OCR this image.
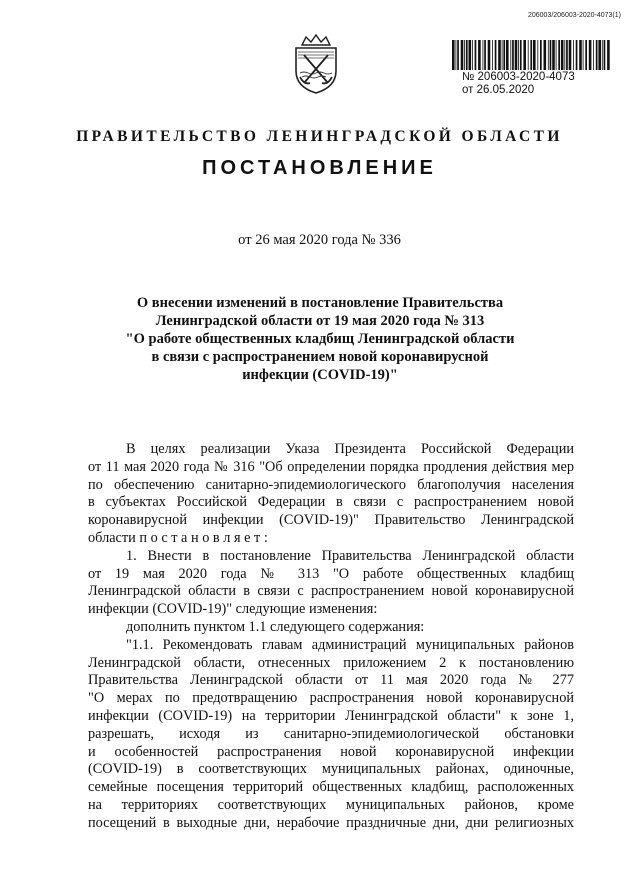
206003/206003-2020-4073(1)
№ 206003-2020-4073
от 26.05.2020
ПРАВИТЕЛЬСТВО ЛЕНИНГРАДСКОЙ ОБЛАСТИ
ПОСТАНОВЛЕНИЕ
от 26 мая 2020 года № 336
О внесении изменений в постановление Правительства
Ленинградской области от 19 мая 2020 года № 313
"О работе общественных кладбищ Ленинградской области
в связи с распространением новой коронавирусной
инфекции (COVID-19)"

В целях реализации Указа Президента Российской Федерации

от 11 мая 2020 года № 316 "Об определении порядка продления действия мер

по обеспечению санитарно-эпидемиологического благополучия населения

в субъектах Российской Федерации в связи с распространением новой

коронавирусной инфекции (COVID-19)" Правительство Ленинградской

области п о с т а н о в л я е т :

1. Внести в постановление Правительства Ленинградской области

от 19 мая 2020 года № 313 "О работе общественных кладбищ

Ленинградской области в связи с распространением новой коронавирусной

инфекции (COVID-19)" следующие изменения:

дополнить пунктом 1.1 следующего содержания:

"1.1. Рекомендовать главам администраций муниципальных районов

Ленинградской области, отнесенных приложением 2 к постановлению

Правительства Ленинградской области от 11 мая 2020 года № 277

"О мерах по предотвращению распространения новой коронавирусной

инфекции (COVID-19) на территории Ленинградской области" к зоне 1,

разрешать, исходя из санитарно-эпидемиологической обстановки

и особенностей распространения новой коронавирусной инфекции

(COVID-19) в соответствующих муниципальных районах, одиночные,

семейные посещения территорий общественных кладбищ, расположенных

на территориях соответствующих муниципальных районов, кроме

посещений в выходные дни, нерабочие праздничные дни, дни религиозных
